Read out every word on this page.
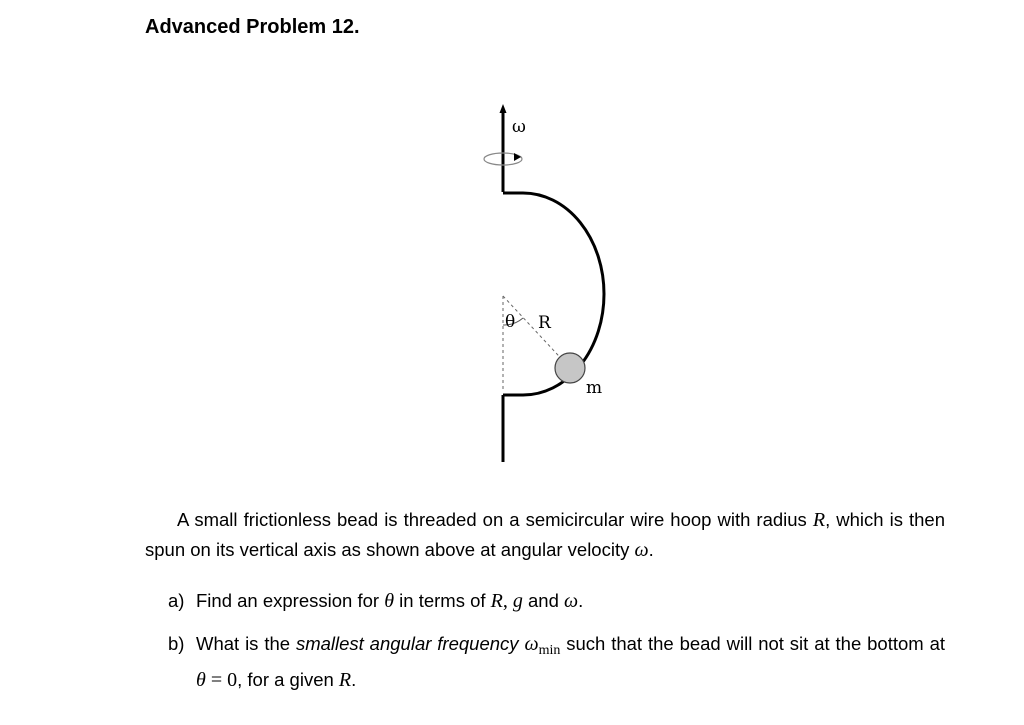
Advanced Problem 12.
ω
θ R
m

A small frictionless bead is threaded on a semicircular wire hoop with radius R, which is then spun on its vertical axis as shown above at angular velocity ω.

a) Find an expression for θ in terms of R, g and ω.
b) What is the smallest angular frequency $\omega_{min}$ such that the bead will not sit at the bottom at θ = 0, for a given R.
